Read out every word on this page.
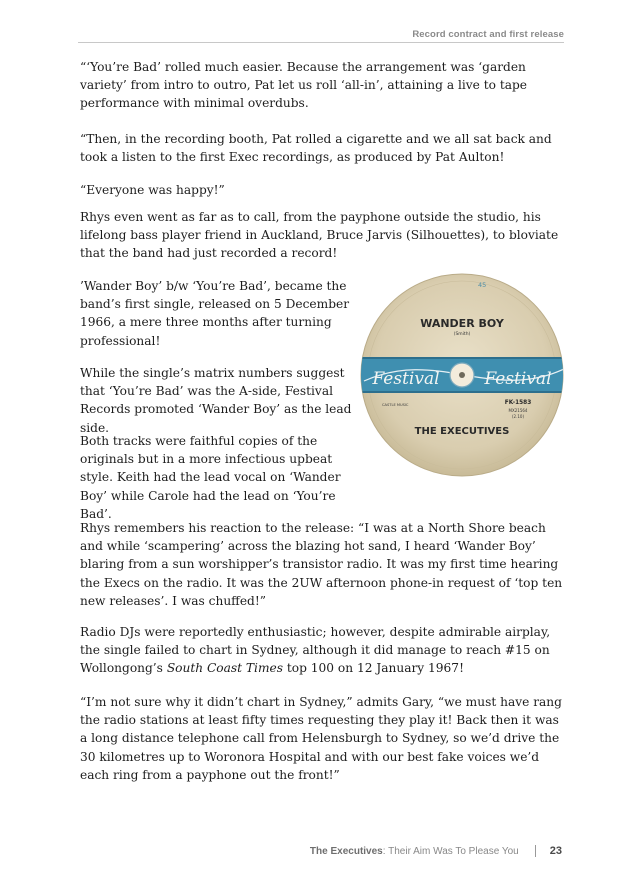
Record contract and first release

“‘You’re Bad’ rolled much easier. Because the arrangement was ‘garden variety’ from intro to outro, Pat let us roll ‘all-in’, attaining a live to tape performance with minimal overdubs.

“Then, in the recording booth, Pat rolled a cigarette and we all sat back and took a listen to the first Exec recordings, as produced by Pat Aulton!

“Everyone was happy!”

Rhys even went as far as to call, from the payphone outside the studio, his lifelong bass player friend in Auckland, Bruce Jarvis (Silhouettes), to bloviate that the band had just recorded a record!

’Wander Boy’ b/w ‘You’re Bad’, became the band’s first single, released on 5 December 1966, a mere three months after turning professional!

While the single’s matrix numbers suggest that ‘You’re Bad’ was the A-side, Festival Records promoted ‘Wander Boy’ as the lead side.

Both tracks were faithful copies of the originals but in a more infectious upbeat style. Keith had the lead vocal on ‘Wander Boy’ while Carole had the lead on ‘You’re Bad’.

Rhys remembers his reaction to the release: “I was at a North Shore beach and while ‘scampering’ across the blazing hot sand, I heard ‘Wander Boy’ blaring from a sun worshipper’s transistor radio. It was my first time hearing the Execs on the radio. It was the 2UW afternoon phone-in request of ‘top ten new releases’. I was chuffed!”

Radio DJs were reportedly enthusiastic; however, despite admirable airplay, the single failed to chart in Sydney, although it did manage to reach #15 on Wollongong’s South Coast Times top 100 on 12 January 1967!

“I’m not sure why it didn’t chart in Sydney,” admits Gary, “we must have rang the radio stations at least fifty times requesting they play it! Back then it was a long distance telephone call from Helensburgh to Sydney, so we’d drive the 30 kilometres up to Woronora Hospital and with our best fake voices we’d each ring from a payphone out the front!”

45
WANDER BOY
(Smith)
Festival	Festival
CASTLE MUSIC	FK-1583
MX21564
(2.10)
THE EXECUTIVES
The Executives : Their Aim Was To Please You	23
